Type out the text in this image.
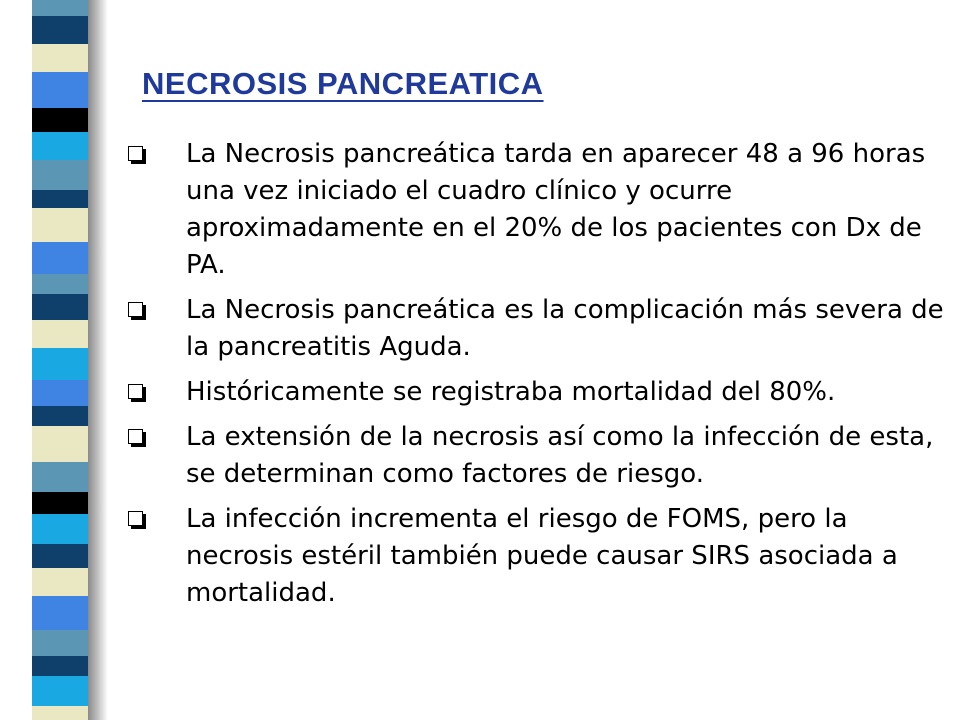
NECROSIS PANCREATICA
La Necrosis pancreática tarda en aparecer 48 a 96 horas una vez iniciado el cuadro clínico y ocurre aproximadamente en el 20% de los pacientes con Dx de PA.
La Necrosis pancreática es la complicación más severa de la pancreatitis Aguda.
Históricamente se registraba mortalidad del 80%.
La extensión de la necrosis así como la infección de esta, se determinan como factores de riesgo.
La infección incrementa el riesgo de FOMS, pero la necrosis estéril también puede causar SIRS asociada a mortalidad.
